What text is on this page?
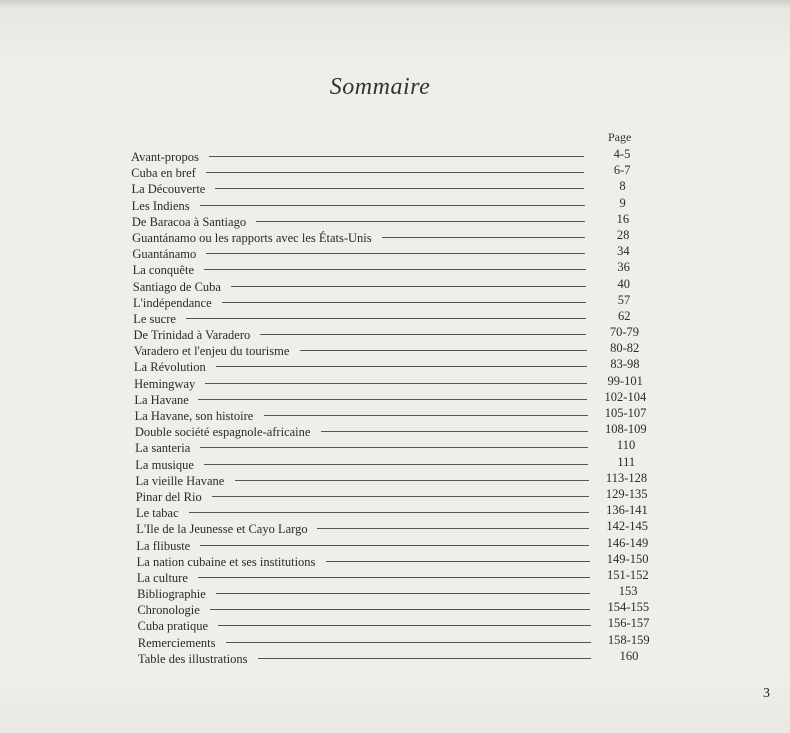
Sommaire
Page
Avant-propos	4-5
Cuba en bref	6-7
La Découverte	8
Les Indiens	9
De Baracoa à Santiago	16
Guantánamo ou les rapports avec les États-Unis	28
Guantánamo	34
La conquête	36
Santiago de Cuba	40
L'indépendance	57
Le sucre	62
De Trinidad à Varadero	70-79
Varadero et l'enjeu du tourisme	80-82
La Révolution	83-98
Hemingway	99-101
La Havane	102-104
La Havane, son histoire	105-107
Double société espagnole-africaine	108-109
La santeria	110
La musique	111
La vieille Havane	113-128
Pinar del Rio	129-135
Le tabac	136-141
L'Ile de la Jeunesse et Cayo Largo	142-145
La flibuste	146-149
La nation cubaine et ses institutions	149-150
La culture	151-152
Bibliographie	153
Chronologie	154-155
Cuba pratique	156-157
Remerciements	158-159
Table des illustrations	160
3
